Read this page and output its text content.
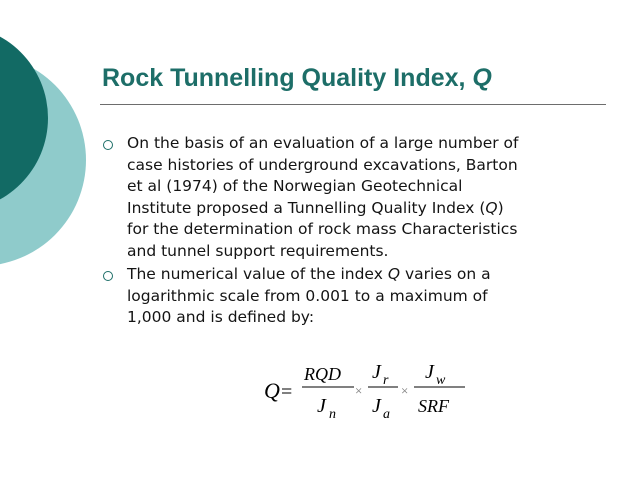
Rock Tunnelling Quality Index, Q
On the basis of an evaluation of a large number of
case histories of underground excavations, Barton
et al (1974) of the Norwegian Geotechnical
Institute proposed a Tunnelling Quality Index (Q)
for the determination of rock mass Characteristics
and tunnel support requirements.
The numerical value of the index Q varies on a
logarithmic scale from 0.001 to a maximum of
1,000 and is defined by:
Q =
RQD
J n
×
J r
J a
×
J w
SRF
